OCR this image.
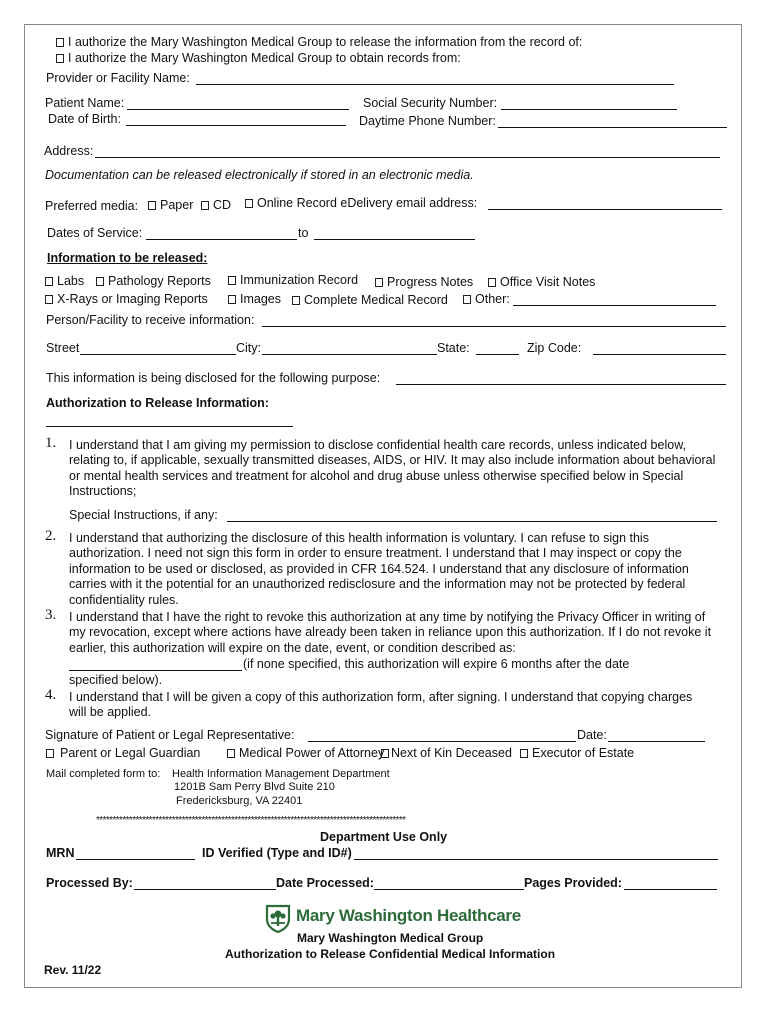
I authorize the Mary Washington Medical Group to release the information from the record of:
I authorize the Mary Washington Medical Group to obtain records from:
Provider or Facility Name:
Patient Name:	Social Security Number:
Date of Birth:	Daytime Phone Number:
Address:
Documentation can be released electronically if stored in an electronic media.
Preferred media:	Paper	CD	Online Record eDelivery email address:
Dates of Service:	to
Information to be released:
Labs	Pathology Reports	Immunization Record	Progress Notes	Office Visit Notes
X-Rays or Imaging Reports	Images	Complete Medical Record	Other:
Person/Facility to receive information:
Street	City:	State:	Zip Code:
This information is being disclosed for the following purpose:
Authorization to Release Information:
1. I understand that I am giving my permission to disclose confidential health care records, unless indicated below, relating to, if applicable, sexually transmitted diseases, AIDS, or HIV. It may also include information about behavioral or mental health services and treatment for alcohol and drug abuse unless otherwise specified below in Special Instructions;
Special Instructions, if any:
2. I understand that authorizing the disclosure of this health information is voluntary. I can refuse to sign this authorization. I need not sign this form in order to ensure treatment. I understand that I may inspect or copy the information to be used or disclosed, as provided in CFR 164.524. I understand that any disclosure of information carries with it the potential for an unauthorized redisclosure and the information may not be protected by federal confidentiality rules.
3. I understand that I have the right to revoke this authorization at any time by notifying the Privacy Officer in writing of my revocation, except where actions have already been taken in reliance upon this authorization. If I do not revoke it earlier, this authorization will expire on the date, event, or condition described as:
(if none specified, this authorization will expire 6 months after the date
specified below).
4. I understand that I will be given a copy of this authorization form, after signing. I understand that copying charges will be applied.
Signature of Patient or Legal Representative:	Date:
Parent or Legal Guardian	Medical Power of Attorney Next of Kin Deceased	Executor of Estate
Mail completed form to: Health Information Management Department
1201B Sam Perry Blvd Suite 210
Fredericksburg, VA 22401
**********************************************************************************************
Department Use Only
MRN	ID Verified (Type and ID#)
Processed By:	Date Processed:	Pages Provided:
Mary Washington Healthcare
Mary Washington Medical Group
Authorization to Release Confidential Medical Information
Rev. 11/22
